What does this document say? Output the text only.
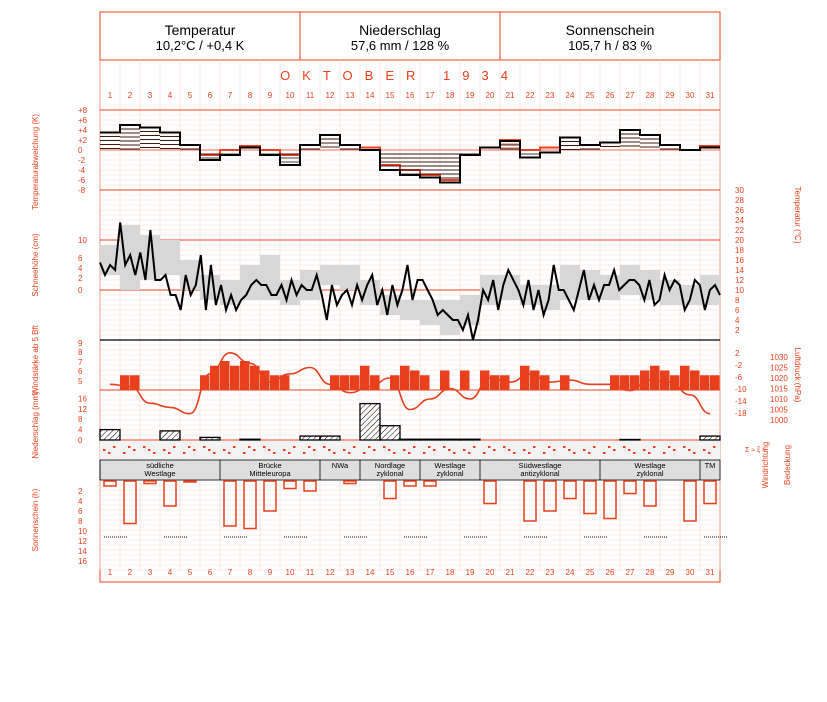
OKTOBER 1934
1
1
2
2
3
3
4
4
5
5
6
6
7
7
8
8
9
9
10
10
11
11
12
12
13
13
14
14
15
15
16
16
17
17
18
18
19
19
20
20
21
21
22
22
23
23
24
24
25
25
26
26
27
27
28
28
29
29
30
30
31
31
+8
+6
+4
+2
0
-2
-4
-6
-8
Temperaturabweichung (K)	30
28
26
24
22
20
18
16
14
12
10
8
6
4
2
10
6
4
2
0
Schneehöhe (cm)
Temperatur (°C)
9
8
7
6
5
Windstärke ab 5 Bft	1030
1025
1020
1015
1010
1005
1000
2
-2
-6
-10
-14
-18
Luftdruck (hPa)
16
12
8
4
0
Niederschlag (mm)	Σ ≈ ξ ≈
Windrichtung Bedeckung
südliche Westlage
Brücke Mitteleuropa
NWa	Nordlage zyklonal
Westlage zyklonal
Südwestlage antizyklonal
Westlage zyklonal
TM
2
4
6
8
10
12
14
16
Sonnenschein (h)
Temperatur
10,2°C / +0,4 K
Niederschlag
57,6 mm / 128 %
Sonnenschein
105,7 h / 83 %
